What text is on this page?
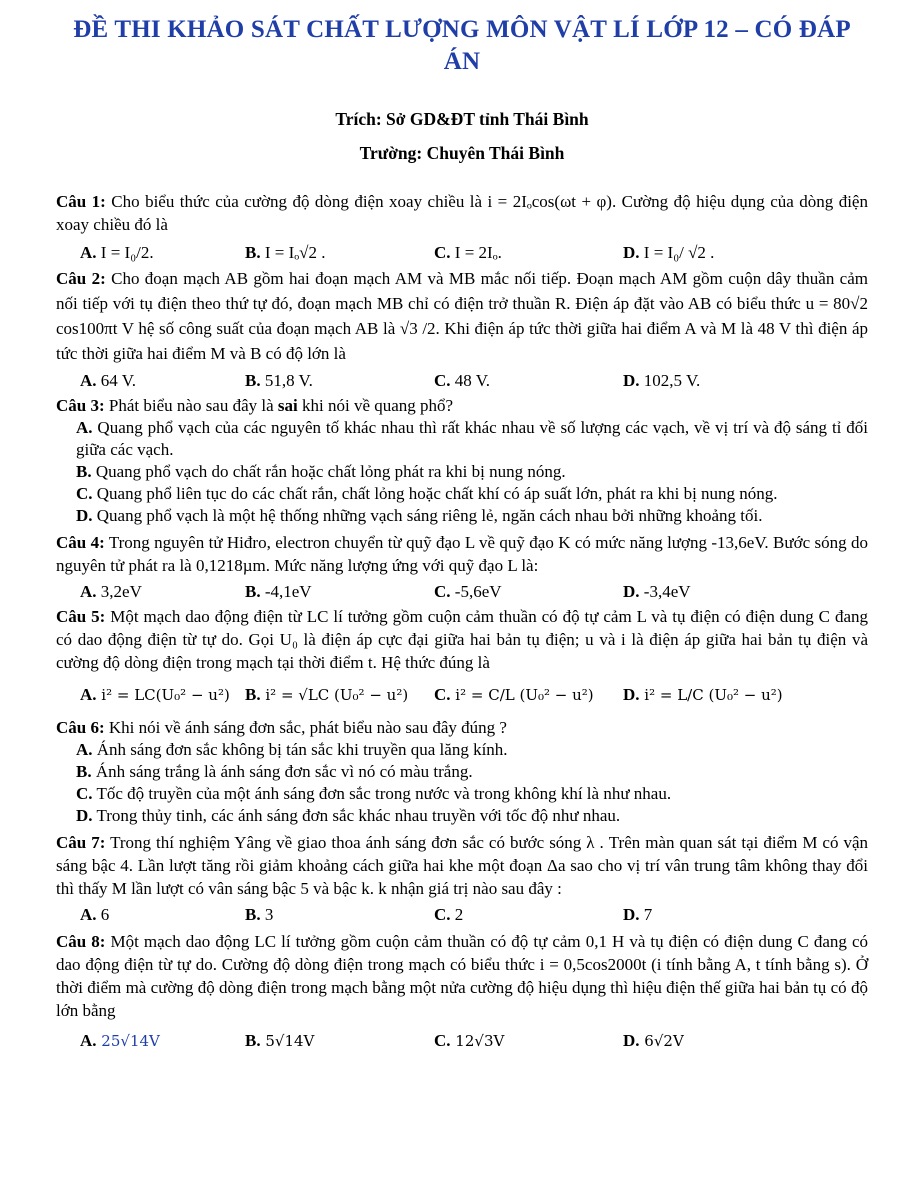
ĐỀ THI KHẢO SÁT CHẤT LƯỢNG MÔN VẬT LÍ LỚP 12 – CÓ ĐÁP ÁN
Trích: Sở GD&ĐT tỉnh Thái Bình
Trường: Chuyên Thái Bình
Câu 1: Cho biểu thức của cường độ dòng điện xoay chiều là i = 2Iₒcos(ωt + φ). Cường độ hiệu dụng của dòng điện xoay chiều đó là
A. I = I₀/2.	B. I = Iₒ√2 .	C. I = 2Iₒ.	D. I = I₀/ √2 .
Câu 2: Cho đoạn mạch AB gồm hai đoạn mạch AM và MB mắc nối tiếp. Đoạn mạch AM gồm cuộn dây thuần cảm nối tiếp với tụ điện theo thứ tự đó, đoạn mạch MB chỉ có điện trở thuần R. Điện áp đặt vào AB có biểu thức u = 80√2 cos100πt V hệ số công suất của đoạn mạch AB là √3 /2. Khi điện áp tức thời giữa hai điểm A và M là 48 V thì điện áp tức thời giữa hai điểm M và B có độ lớn là
A. 64 V.	B. 51,8 V.	C. 48 V.	D. 102,5 V.
Câu 3: Phát biểu nào sau đây là sai khi nói về quang phổ?
A. Quang phổ vạch của các nguyên tố khác nhau thì rất khác nhau về số lượng các vạch, về vị trí và độ sáng tỉ đối giữa các vạch.
B. Quang phổ vạch do chất rắn hoặc chất lỏng phát ra khi bị nung nóng.
C. Quang phổ liên tục do các chất rắn, chất lỏng hoặc chất khí có áp suất lớn, phát ra khi bị nung nóng.
D. Quang phổ vạch là một hệ thống những vạch sáng riêng lẻ, ngăn cách nhau bởi những khoảng tối.
Câu 4: Trong nguyên tử Hiđro, electron chuyển từ quỹ đạo L về quỹ đạo K có mức năng lượng -13,6eV. Bước sóng do nguyên tử phát ra là 0,1218µm. Mức năng lượng ứng với quỹ đạo L là:
A. 3,2eV	B. -4,1eV	C. -5,6eV	D. -3,4eV
Câu 5: Một mạch dao động điện từ LC lí tưởng gồm cuộn cảm thuần có độ tự cảm L và tụ điện có điện dung C đang có dao động điện từ tự do. Gọi U₀ là điện áp cực đại giữa hai bản tụ điện; u và i là điện áp giữa hai bản tụ điện và cường độ dòng điện trong mạch tại thời điểm t. Hệ thức đúng là
A. i² = LC(U₀² − u²) B. i² = √LC (U₀² − u²)	C. i² = C/L (U₀² − u²)	D. i² = L/C (U₀² − u²)
Câu 6: Khi nói về ánh sáng đơn sắc, phát biểu nào sau đây đúng ?
A. Ánh sáng đơn sắc không bị tán sắc khi truyền qua lăng kính.
B. Ánh sáng trắng là ánh sáng đơn sắc vì nó có màu trắng.
C. Tốc độ truyền của một ánh sáng đơn sắc trong nước và trong không khí là như nhau.
D. Trong thủy tinh, các ánh sáng đơn sắc khác nhau truyền với tốc độ như nhau.
Câu 7: Trong thí nghiệm Yâng về giao thoa ánh sáng đơn sắc có bước sóng λ . Trên màn quan sát tại điểm M có vận sáng bậc 4. Lần lượt tăng rồi giảm khoảng cách giữa hai khe một đoạn Δa sao cho vị trí vân trung tâm không thay đổi thì thấy M lần lượt có vân sáng bậc 5 và bậc k. k nhận giá trị nào sau đây :
A. 6	B. 3	C. 2	D. 7
Câu 8: Một mạch dao động LC lí tưởng gồm cuộn cảm thuần có độ tự cảm 0,1 H và tụ điện có điện dung C đang có dao động điện từ tự do. Cường độ dòng điện trong mạch có biểu thức i = 0,5cos2000t (i tính bằng A, t tính bằng s). Ở thời điểm mà cường độ dòng điện trong mạch bằng một nửa cường độ hiệu dụng thì hiệu điện thế giữa hai bản tụ có độ lớn bằng
A. 25√14V	B. 5√14V	C. 12√3V	D. 6√2V
